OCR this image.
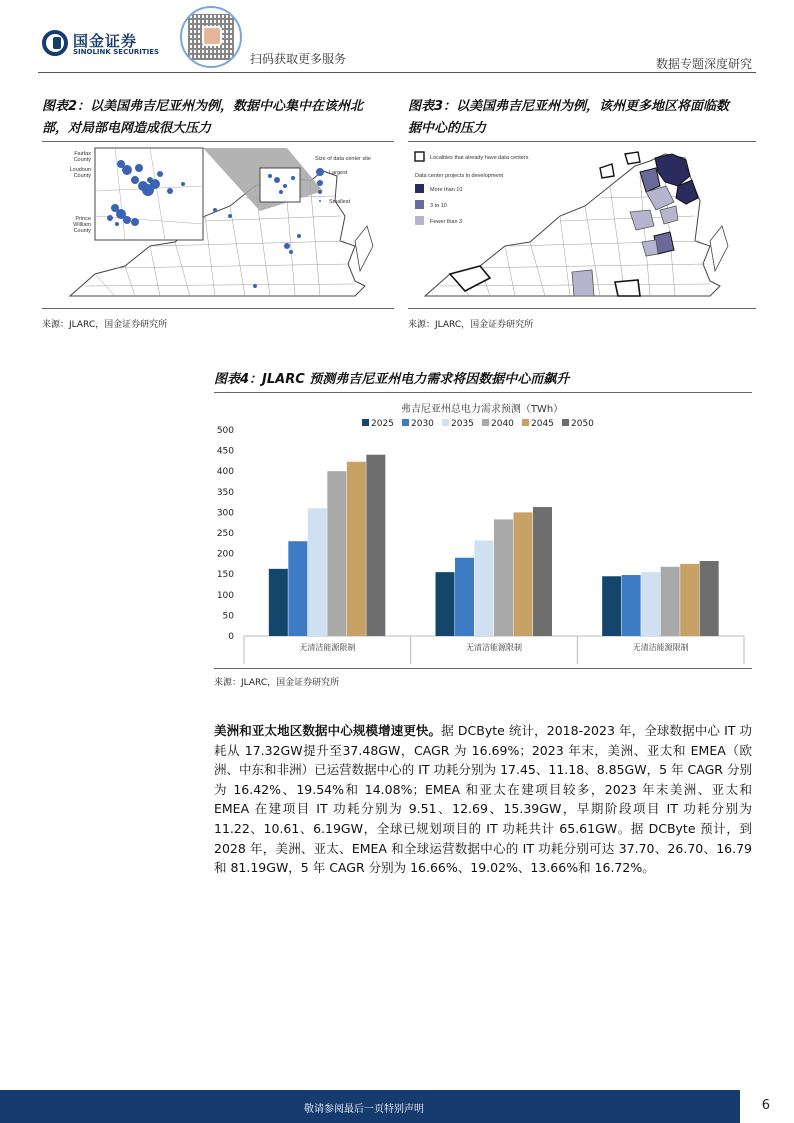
国金证券
SINOLINK SECURITIES	扫码获取更多服务	数据专题深度研究
图表2：以美国弗吉尼亚州为例，数据中心集中在该州北
部，对局部电网造成很大压力
Fairfax
County
Loudoun
County
Prince
William
County
Size of data center site
Largest
Smallest
来源：JLARC，国金证券研究所
图表3：以美国弗吉尼亚州为例，该州更多地区将面临数
据中心的压力
Localities that already have data centers
Data center projects in development
More than 10
3 to 10
Fewer than 3
来源：JLARC，国金证券研究所
图表4：JLARC 预测弗吉尼亚州电力需求将因数据中心而飙升
弗吉尼亚州总电力需求预测（TWh）
2025 2030 2035 2040 2045 2050
0
50
100
150
200
250
300
350
400
450
500
无清洁能源限制	无清洁能源限制	无清洁能源限制
来源：JLARC，国金证券研究所
美洲和亚太地区数据中心规模增速更快。据 DCByte 统计，2018-2023 年，全球数据中心 IT 功耗从 17.32GW提升至37.48GW，CAGR 为 16.69%；2023 年末，美洲、亚太和 EMEA（欧洲、中东和非洲）已运营数据中心的 IT 功耗分别为 17.45、11.18、8.85GW，5 年 CAGR 分别为 16.42%、19.54%和 14.08%；EMEA 和亚太在建项目较多，2023 年末美洲、亚太和 EMEA 在建项目 IT 功耗分别为 9.51、12.69、15.39GW，早期阶段项目 IT 功耗分别为 11.22、10.61、6.19GW，全球已规划项目的 IT 功耗共计 65.61GW。据 DCByte 预计，到 2028 年，美洲、亚太、EMEA 和全球运营数据中心的 IT 功耗分别可达 37.70、26.70、16.79 和 81.19GW，5 年 CAGR 分别为 16.66%、19.02%、13.66%和 16.72%。
敬请参阅最后一页特别声明	6
